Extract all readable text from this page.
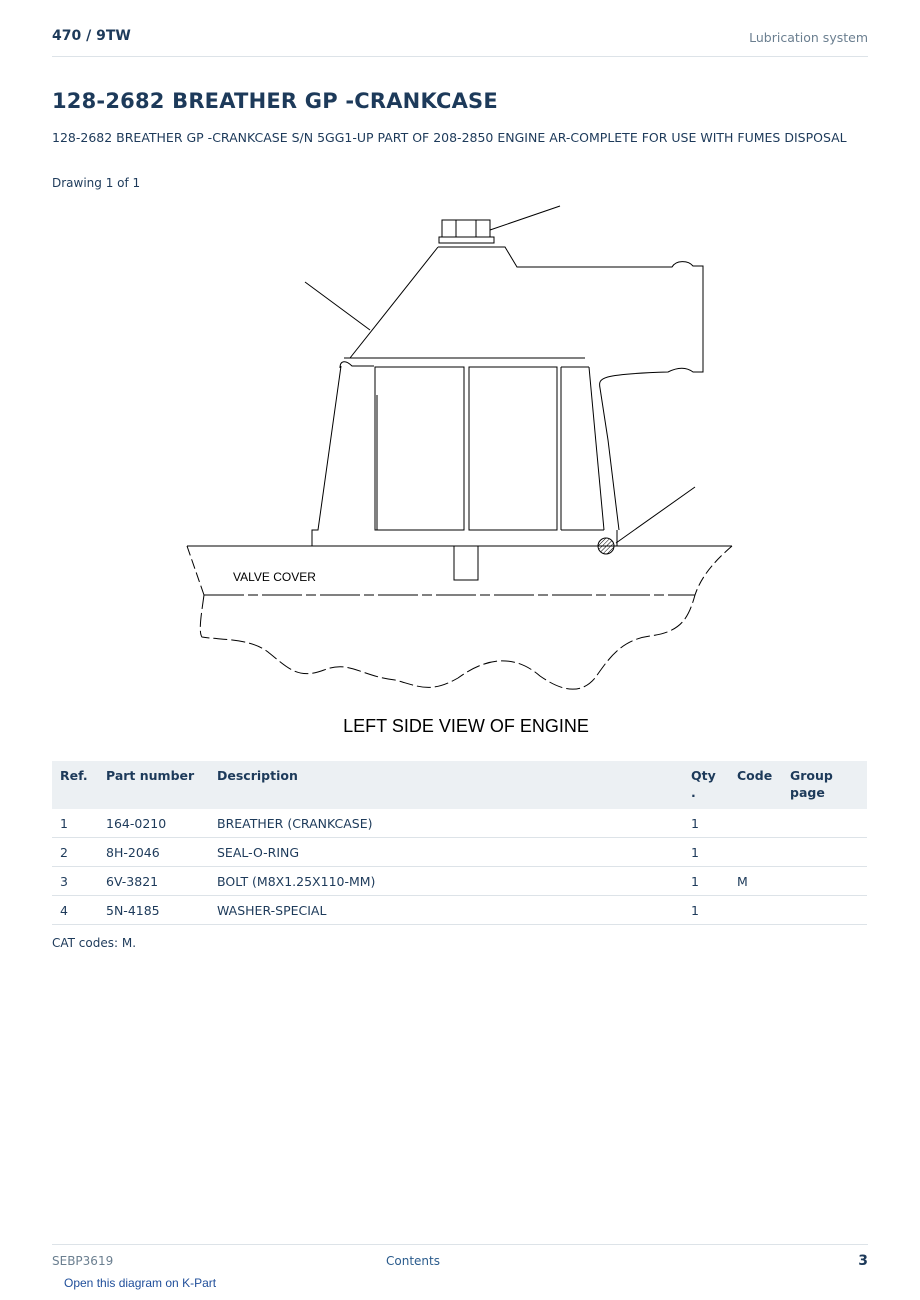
470 / 9TW	Lubrication system
128-2682 BREATHER GP -CRANKCASE
128-2682 BREATHER GP -CRANKCASE S/N 5GG1-UP PART OF 208-2850 ENGINE AR-COMPLETE FOR USE WITH FUMES DISPOSAL
Drawing 1 of 1
VALVE COVER
LEFT SIDE VIEW OF ENGINE
Ref.	Part number	Description	Qty .	Code	Group page
1	164-0210	BREATHER (CRANKCASE)	1		
2	8H-2046	SEAL-O-RING	1		
3	6V-3821	BOLT (M8X1.25X110-MM)	1	M	
4	5N-4185	WASHER-SPECIAL	1		
CAT codes: M.
SEBP3619	Contents	3
Open this diagram on K-Part
